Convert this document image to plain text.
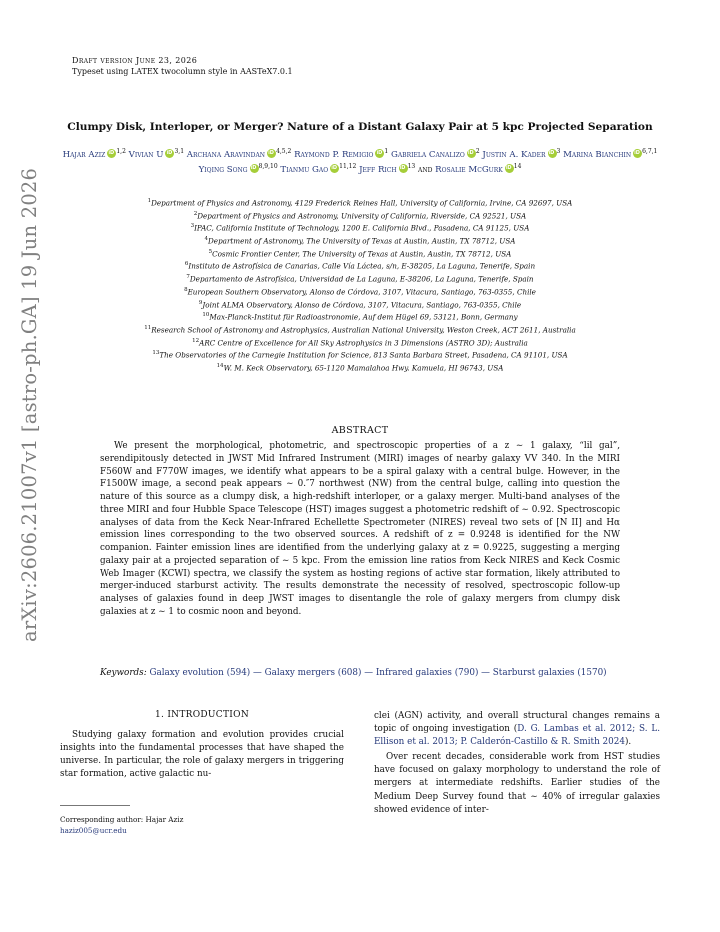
Draft version June 23, 2026
Typeset using LATEX twocolumn style in AASTeX7.0.1
arXiv:2606.21007v1 [astro-ph.GA] 19 Jun 2026
Clumpy Disk, Interloper, or Merger? Nature of a Distant Galaxy Pair at 5 kpc Projected Separation
Hajar Aziz iD $^{1,2}$ Vivian U iD $^{3,1}$ Archana Aravindan iD $^{4,5,2}$ Raymond P. Remigio iD $^1$ Gabriela Canalizo iD $^2$ Justin A. Kader iD $^3$ Marina Bianchin iD $^{6,7,1}$ Yiqing Song iD $^{8,9,10}$ Tianmu Gao iD $^{11,12}$ Jeff Rich iD $^{13}$ and Rosalie McGurk iD $^{14}$
$^1$Department of Physics and Astronomy, 4129 Frederick Reines Hall, University of California, Irvine, CA 92697, USA
$^2$Department of Physics and Astronomy, University of California, Riverside, CA 92521, USA
$^3$IPAC, California Institute of Technology, 1200 E. California Blvd., Pasadena, CA 91125, USA
$^4$Department of Astronomy, The University of Texas at Austin, Austin, TX 78712, USA
$^5$Cosmic Frontier Center, The University of Texas at Austin, Austin, TX 78712, USA
$^6$Instituto de Astrofísica de Canarias, Calle Vía Láctea, s/n, E-38205, La Laguna, Tenerife, Spain
$^7$Departamento de Astrofísica, Universidad de La Laguna, E-38206, La Laguna, Tenerife, Spain
$^8$European Southern Observatory, Alonso de Córdova, 3107, Vitacura, Santiago, 763-0355, Chile
$^9$Joint ALMA Observatory, Alonso de Córdova, 3107, Vitacura, Santiago, 763-0355, Chile
$^{10}$Max-Planck-Institut für Radioastronomie, Auf dem Hügel 69, 53121, Bonn, Germany
$^{11}$Research School of Astronomy and Astrophysics, Australian National University, Weston Creek, ACT 2611, Australia
$^{12}$ARC Centre of Excellence for All Sky Astrophysics in 3 Dimensions (ASTRO 3D); Australia
$^{13}$The Observatories of the Carnegie Institution for Science, 813 Santa Barbara Street, Pasadena, CA 91101, USA
$^{14}$W. M. Keck Observatory, 65-1120 Mamalahoa Hwy. Kamuela, HI 96743, USA
ABSTRACT

We present the morphological, photometric, and spectroscopic properties of a z ∼ 1 galaxy, “lil gal”, serendipitously detected in JWST Mid Infrared Instrument (MIRI) images of nearby galaxy VV 340. In the MIRI F560W and F770W images, we identify what appears to be a spiral galaxy with a central bulge. However, in the F1500W image, a second peak appears ∼ 0.″7 northwest (NW) from the central bulge, calling into question the nature of this source as a clumpy disk, a high-redshift interloper, or a galaxy merger. Multi-band analyses of the three MIRI and four Hubble Space Telescope (HST) images suggest a photometric redshift of ∼ 0.92. Spectroscopic analyses of data from the Keck Near-Infrared Echellette Spectrometer (NIRES) reveal two sets of [N II] and Hα emission lines corresponding to the two observed sources. A redshift of z = 0.9248 is identified for the NW companion. Fainter emission lines are identified from the underlying galaxy at z = 0.9225, suggesting a merging galaxy pair at a projected separation of ∼ 5 kpc. From the emission line ratios from Keck NIRES and Keck Cosmic Web Imager (KCWI) spectra, we classify the system as hosting regions of active star formation, likely attributed to merger-induced starburst activity. The results demonstrate the necessity of resolved, spectroscopic follow-up analyses of galaxies found in deep JWST images to disentangle the role of galaxy mergers from clumpy disk galaxies at z ∼ 1 to cosmic noon and beyond.

Keywords: Galaxy evolution (594) — Galaxy mergers (608) — Infrared galaxies (790) — Starburst galaxies (1570)
1. INTRODUCTION

Studying galaxy formation and evolution provides crucial insights into the fundamental processes that have shaped the universe. In particular, the role of galaxy mergers in triggering star formation, active galactic nu-

clei (AGN) activity, and overall structural changes remains a topic of ongoing investigation (D. G. Lambas et al. 2012; S. L. Ellison et al. 2013; P. Calderón-Castillo & R. Smith 2024).

Over recent decades, considerable work from HST studies have focused on galaxy morphology to understand the role of mergers at intermediate redshifts. Earlier studies of the Medium Deep Survey found that ∼ 40% of irregular galaxies showed evidence of inter-

Corresponding author: Hajar Aziz
haziz005@ucr.edu
